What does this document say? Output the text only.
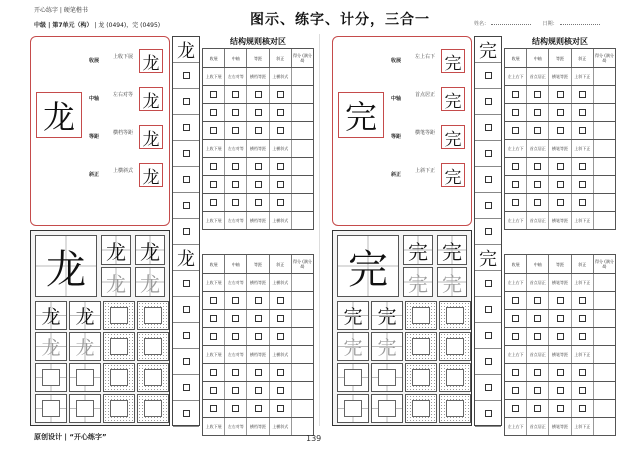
开心练字 | 硬笔楷书
中级 | 第7单元（构） | 龙 (0494)，完 (0495)	图示、练字、计分，三合一	姓名：	日期：
龙
收展
上收下展 龙
中轴
左右对等 龙
等距
横档等距 龙
斜正
上横斜式 龙
龙
龙
结构规则核对区
收展	中轴	等距	斜正	得分 (满分4)
上收下展	左右对等	横档等距	上横斜式
上收下展	左右对等	横档等距	上横斜式
上收下展	左右对等	横档等距	上横斜式
收展	中轴	等距	斜正	得分 (满分4)
上收下展	左右对等	横档等距	上横斜式
上收下展	左右对等	横档等距	上横斜式
上收下展	左右对等	横档等距	上横斜式
龙 龙 龙
龙 龙
龙 龙
龙 龙
完
收展
左上右下 完
中轴
首点居正 完
等距
横笔等距 完
斜正
上斜下正 完
完
完
结构规则核对区
收展	中轴	等距	斜正	得分 (满分4)
左上右下	首点居正	横笔等距	上斜下正
左上右下	首点居正	横笔等距	上斜下正
左上右下	首点居正	横笔等距	上斜下正
收展	中轴	等距	斜正	得分 (满分4)
左上右下	首点居正	横笔等距	上斜下正
左上右下	首点居正	横笔等距	上斜下正
左上右下	首点居正	横笔等距	上斜下正
完 完 完
完 完
完 完
完 完
原创设计 | “开心练字”	139
